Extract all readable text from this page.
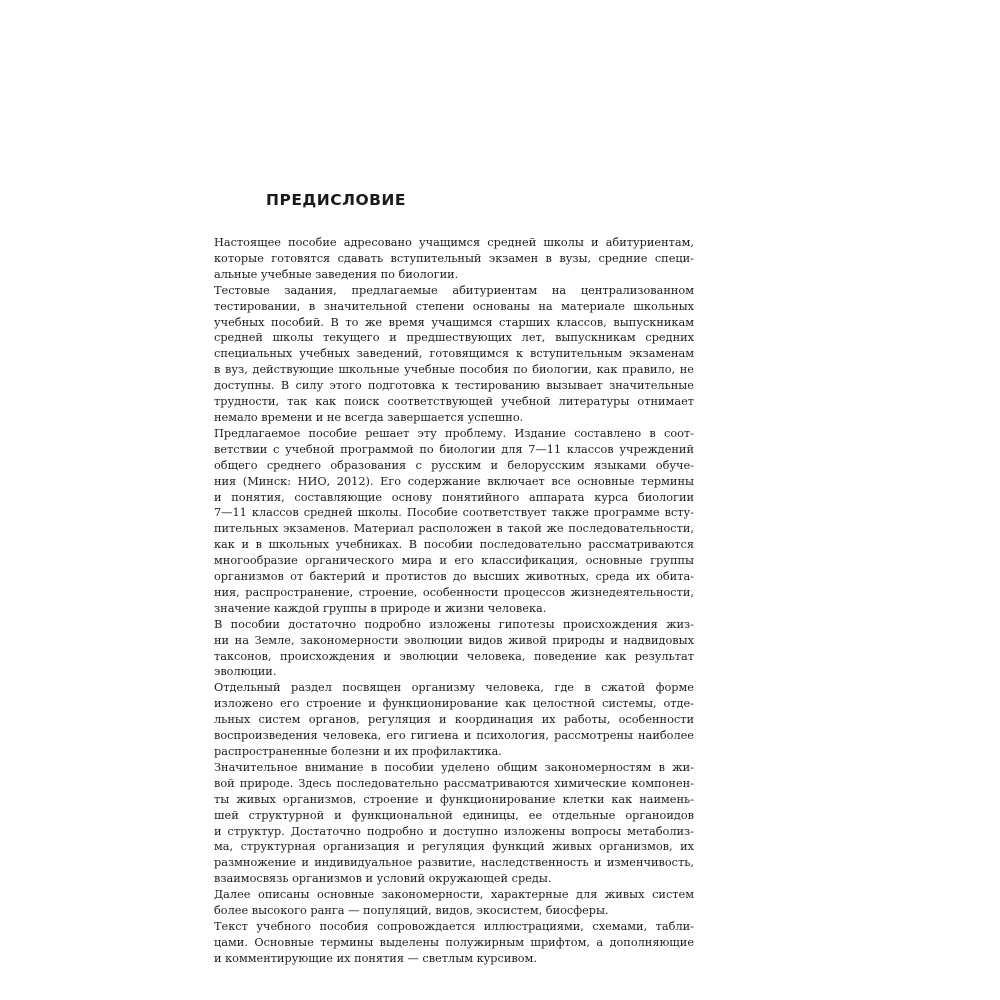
ПРЕДИСЛОВИЕ

Настоящее пособие адресовано учащимся средней школы и абитуриентам,
которые готовятся сдавать вступительный экзамен в вузы, средние специ-
альные учебные заведения по биологии.

Тестовые задания, предлагаемые абитуриентам на централизованном
тестировании, в значительной степени основаны на материале школьных
учебных пособий. В то же время учащимся старших классов, выпускникам
средней школы текущего и предшествующих лет, выпускникам средних
специальных учебных заведений, готовящимся к вступительным экзаменам
в вуз, действующие школьные учебные пособия по биологии, как правило, не
доступны. В силу этого подготовка к тестированию вызывает значительные
трудности, так как поиск соответствующей учебной литературы отнимает
немало времени и не всегда завершается успешно.

Предлагаемое пособие решает эту проблему. Издание составлено в соот-
ветствии с учебной программой по биологии для 7—11 классов учреждений
общего среднего образования с русским и белорусским языками обуче-
ния (Минск: НИО, 2012). Его содержание включает все основные термины
и понятия, составляющие основу понятийного аппарата курса биологии
7—11 классов средней школы. Пособие соответствует также программе всту-
пительных экзаменов. Материал расположен в такой же последовательности,
как и в школьных учебниках. В пособии последовательно рассматриваются
многообразие органического мира и его классификация, основные группы
организмов от бактерий и протистов до высших животных, среда их обита-
ния, распространение, строение, особенности процессов жизнедеятельности,
значение каждой группы в природе и жизни человека.

В пособии достаточно подробно изложены гипотезы происхождения жиз-
ни на Земле, закономерности эволюции видов живой природы и надвидовых
таксонов, происхождения и эволюции человека, поведение как результат
эволюции.

Отдельный раздел посвящен организму человека, где в сжатой форме
изложено его строение и функционирование как целостной системы, отде-
льных систем органов, регуляция и координация их работы, особенности
воспроизведения человека, его гигиена и психология, рассмотрены наиболее
распространенные болезни и их профилактика.

Значительное внимание в пособии уделено общим закономерностям в жи-
вой природе. Здесь последовательно рассматриваются химические компонен-
ты живых организмов, строение и функционирование клетки как наимень-
шей структурной и функциональной единицы, ее отдельные органоидов
и структур. Достаточно подробно и доступно изложены вопросы метаболиз-
ма, структурная организация и регуляция функций живых организмов, их
размножение и индивидуальное развитие, наследственность и изменчивость,
взаимосвязь организмов и условий окружающей среды.

Далее описаны основные закономерности, характерные для живых систем
более высокого ранга — популяций, видов, экосистем, биосферы.

Текст учебного пособия сопровождается иллюстрациями, схемами, табли-
цами. Основные термины выделены полужирным шрифтом, а дополняющие
и комментирующие их понятия — светлым курсивом.
